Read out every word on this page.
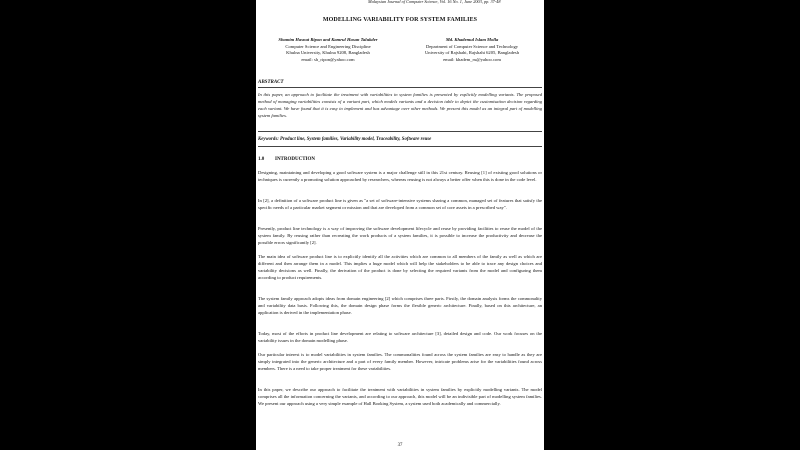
Malaysian Journal of Computer Science, Vol. 16 No. 1, June 2003, pp. 37-48
MODELLING VARIABILITY FOR SYSTEM FAMILIES
Shamim Hasnat Ripon and Kamrul Hasan Talukder
Computer Science and Engineering Discipline
Khulna University, Khulna 9208, Bangladesh
email: sh_ripon@yahoo.com
Md. Khademul Islam Molla
Department of Computer Science and Technology
University of Rajshahi, Rajshahi 6205, Bangladesh
email: khadem_ru@yahoo.com
ABSTRACT
In this paper, an approach to facilitate the treatment with variabilities in system families is presented by explicitly modelling variants. The proposed method of managing variabilities consists of a variant part, which models variants and a decision table to depict the customisation decision regarding each variant. We have found that it is easy to implement and has advantage over other methods. We present this model as an integral part of modelling system families.
Keywords: Product line, System families, Variability model, Traceability, Software reuse
1.0 INTRODUCTION
Designing, maintaining and developing a good software system is a major challenge still in this 21st century. Reusing [1] of existing good solutions or techniques is currently a promoting solution approached by researchers, whereas reusing is not always a better offer when this is done in the code level.
In [2], a definition of a software product line is given as "a set of software-intensive systems sharing a common, managed set of features that satisfy the specific needs of a particular market segment or mission and that are developed from a common set of core assets in a prescribed way".
Presently, product line technology is a way of improving the software development lifecycle and reuse by providing facilities to reuse the model of the system family. By reusing rather than recreating the work products of a system families, it is possible to increase the productivity and decrease the possible errors significantly [2].
The main idea of software product line is to explicitly identify all the activities which are common to all members of the family as well as which are different and then arrange them in a model. This implies a huge model which will help the stakeholders to be able to trace any design choices and variability decisions as well. Finally, the derivation of the product is done by selecting the required variants from the model and configuring them according to product requirements.
The system family approach adopts ideas from domain engineering [2] which comprises three parts. Firstly, the domain analysis forms the commonality and variability data basis. Following this, the domain design phase forms the flexible generic architecture. Finally, based on this architecture, an application is derived in the implementation phase.
Today, most of the efforts in product line development are relating to software architecture [3], detailed design and code. Our work focuses on the variability issues in the domain modelling phase.
Our particular interest is to model variabilities in system families. The commonalities found across the system families are easy to handle as they are simply integrated into the generic architecture and a part of every family member. However, intricate problems arise for the variabilities found across members. There is a need to take proper treatment for these variabilities.
In this paper, we describe our approach to facilitate the treatment with variabilities in system families by explicitly modelling variants. The model comprises all the information concerning the variants, and according to our approach, this model will be an indivisible part of modelling system families. We present our approach using a very simple example of Hall Booking System, a system used both academically and commercially.
37
